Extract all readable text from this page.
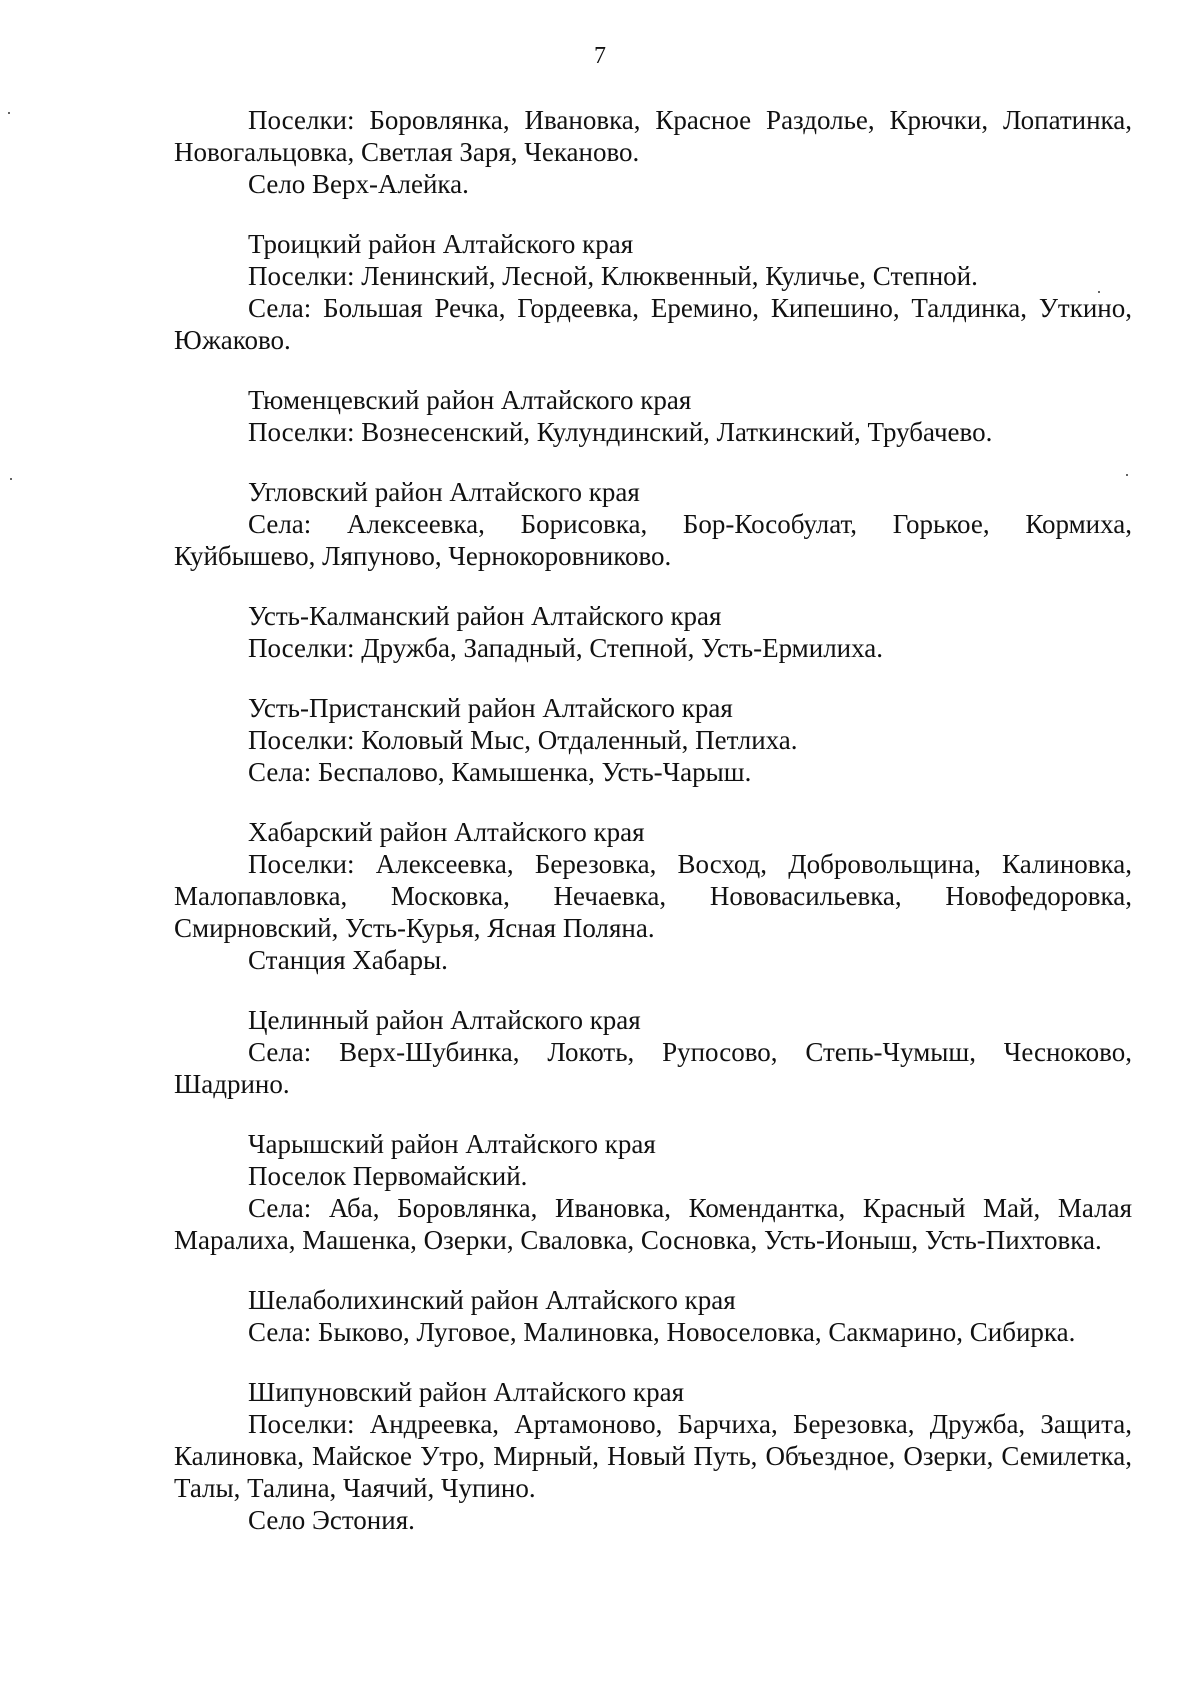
7

Поселки: Боровлянка, Ивановка, Красное Раздолье, Крючки, Лопатинка, Новогальцовка, Светлая Заря, Чеканово.

Село Верх-Алейка.

Троицкий район Алтайского края

Поселки: Ленинский, Лесной, Клюквенный, Куличье, Степной.

Села: Большая Речка, Гордеевка, Еремино, Кипешино, Талдинка, Уткино, Южаково.

Тюменцевский район Алтайского края

Поселки: Вознесенский, Кулундинский, Латкинский, Трубачево.

Угловский район Алтайского края

Села: Алексеевка, Борисовка, Бор-Кособулат, Горькое, Кормиха, Куйбышево, Ляпуново, Чернокоровниково.

Усть-Калманский район Алтайского края

Поселки: Дружба, Западный, Степной, Усть-Ермилиха.

Усть-Пристанский район Алтайского края

Поселки: Коловый Мыс, Отдаленный, Петлиха.

Села: Беспалово, Камышенка, Усть-Чарыш.

Хабарский район Алтайского края

Поселки: Алексеевка, Березовка, Восход, Добровольщина, Калиновка, Малопавловка, Московка, Нечаевка, Нововасильевка, Новофедоровка, Смирновский, Усть-Курья, Ясная Поляна.

Станция Хабары.

Целинный район Алтайского края

Села: Верх-Шубинка, Локоть, Рупосово, Степь-Чумыш, Чесноково, Шадрино.

Чарышский район Алтайского края

Поселок Первомайский.

Села: Аба, Боровлянка, Ивановка, Комендантка, Красный Май, Малая Маралиха, Машенка, Озерки, Сваловка, Сосновка, Усть-Ионыш, Усть-Пихтовка.

Шелаболихинский район Алтайского края

Села: Быково, Луговое, Малиновка, Новоселовка, Сакмарино, Сибирка.

Шипуновский район Алтайского края

Поселки: Андреевка, Артамоново, Барчиха, Березовка, Дружба, Защита, Калиновка, Майское Утро, Мирный, Новый Путь, Объездное, Озерки, Семилетка, Талы, Талина, Чаячий, Чупино.

Село Эстония.
